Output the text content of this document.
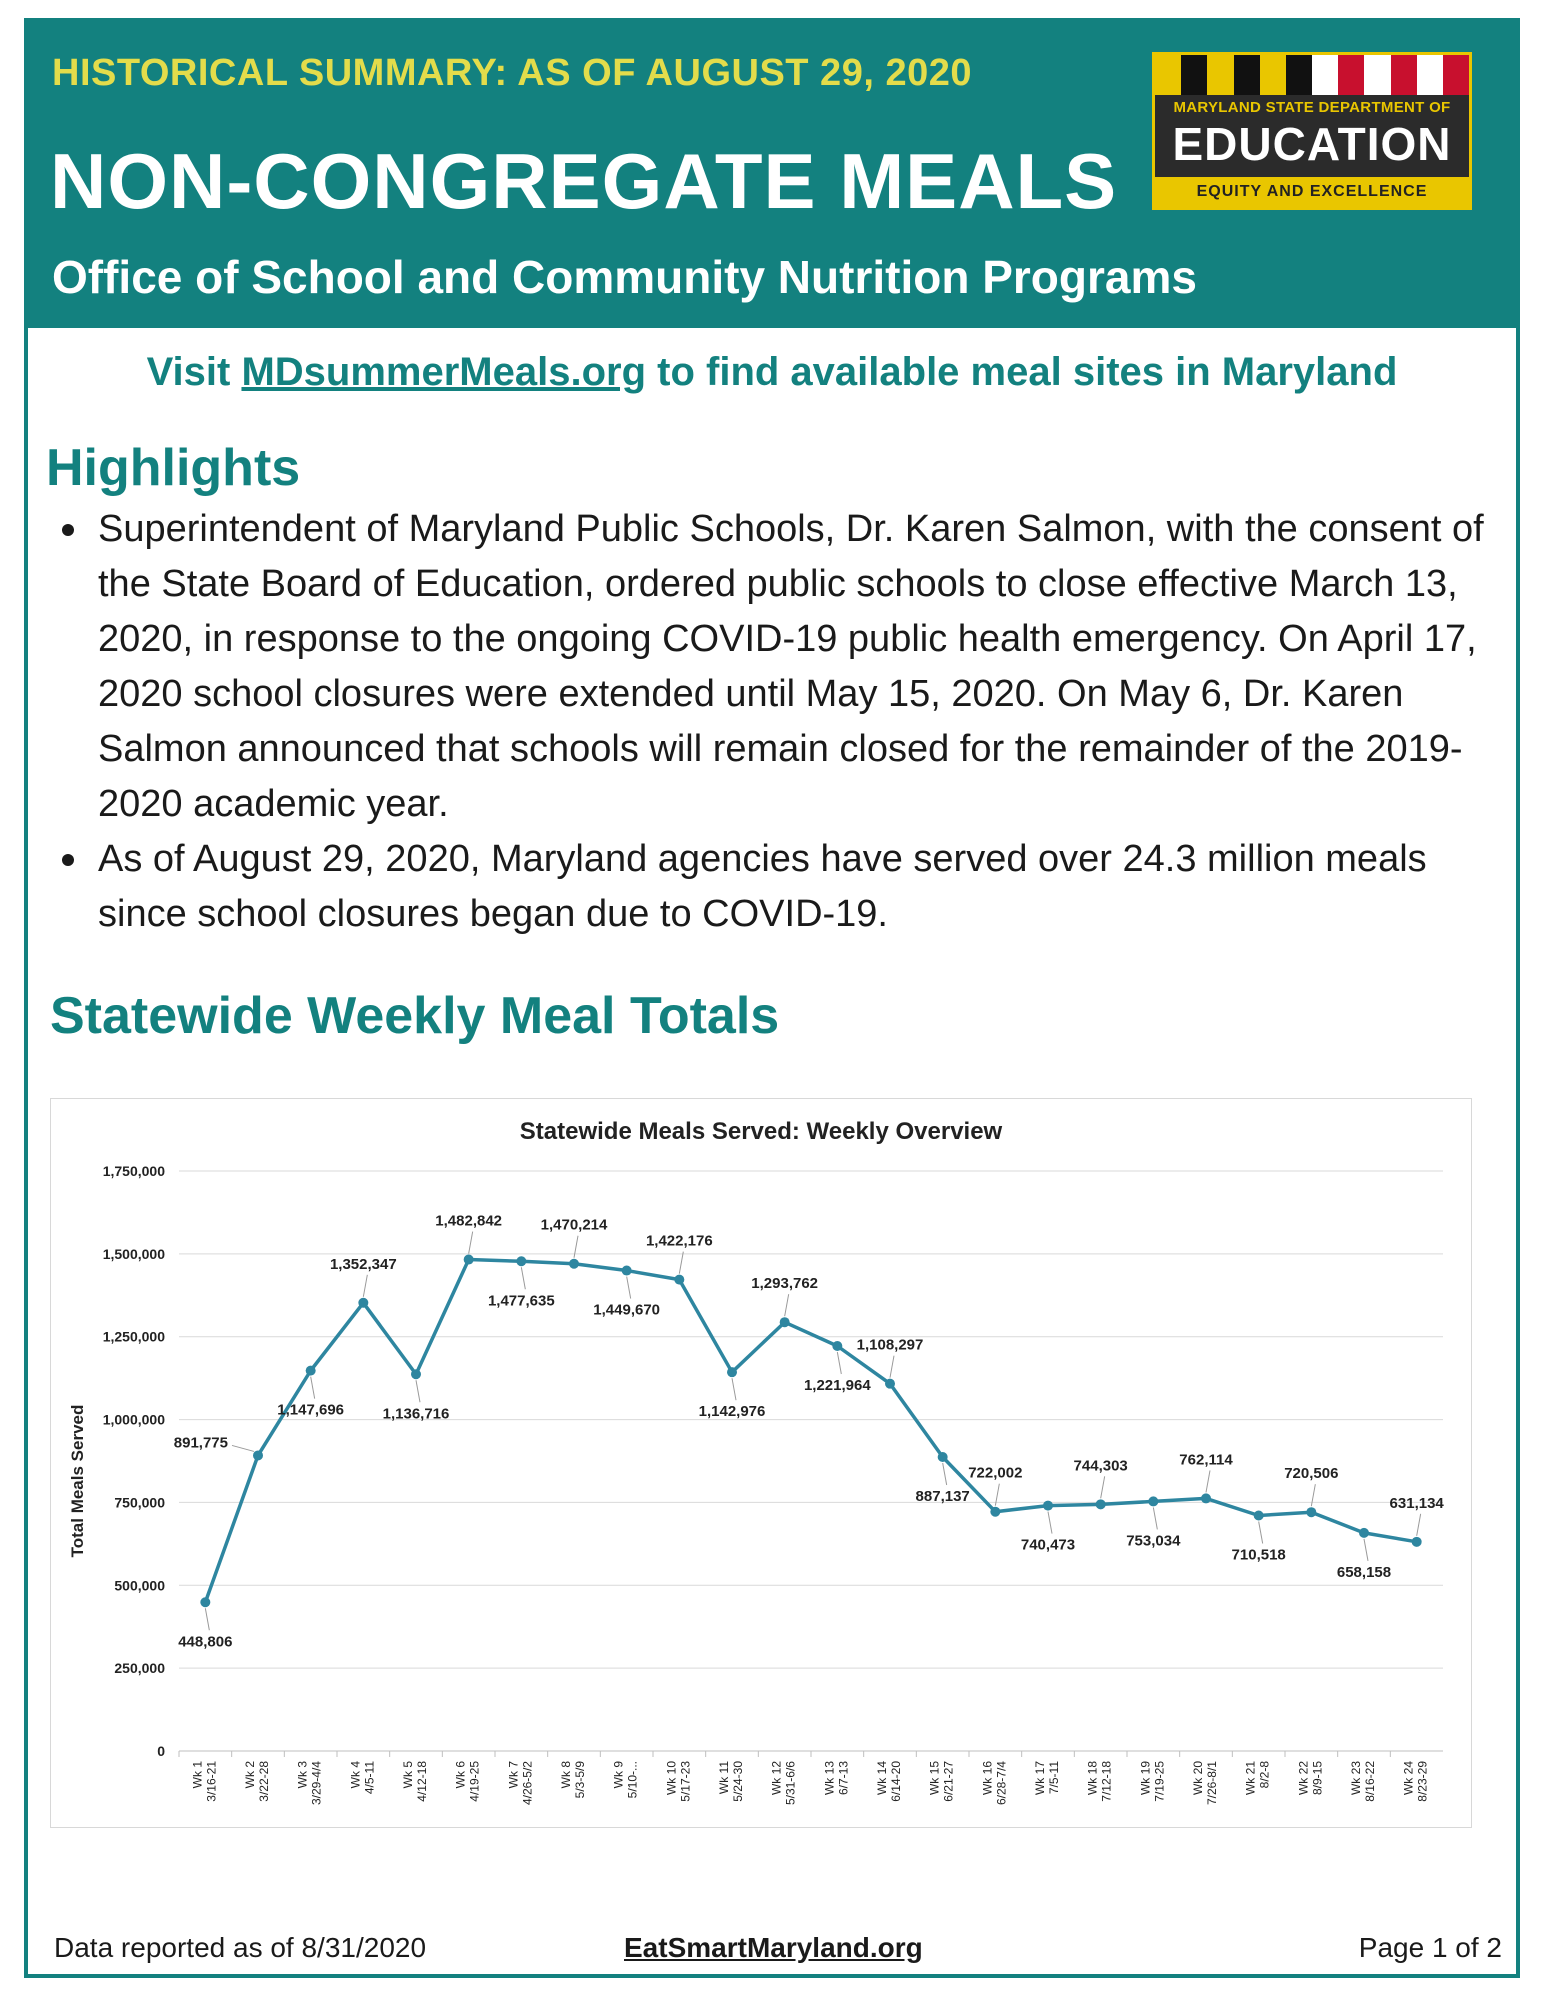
HISTORICAL SUMMARY: AS OF AUGUST 29, 2020
NON-CONGREGATE MEALS
Office of School and Community Nutrition Programs
MARYLAND STATE DEPARTMENT OF
EDUCATION
EQUITY AND EXCELLENCE
Visit MDsummerMeals.org to find available meal sites in Maryland
Highlights
Superintendent of Maryland Public Schools, Dr. Karen Salmon, with the consent of the State Board of Education, ordered public schools to close effective March 13, 2020, in response to the ongoing COVID-19 public health emergency. On April 17, 2020 school closures were extended until May 15, 2020. On May 6, Dr. Karen Salmon announced that schools will remain closed for the remainder of the 2019-2020 academic year.
As of August 29, 2020, Maryland agencies have served over 24.3 million meals since school closures began due to COVID-19.
Statewide Weekly Meal Totals
Statewide Meals Served: Weekly Overview
0
250,000
500,000
750,000
1,000,000
1,250,000
1,500,000
1,750,000
Total Meals Served
Wk 1 3/16-21 Wk 2 3/22-28 Wk 3 3/29-4/4 Wk 4 4/5-11 Wk 5 4/12-18 Wk 6 4/19-25 Wk 7 4/26-5/2 Wk 8 5/3-5/9 Wk 9 5/10-... Wk 10 5/17-23 Wk 11 5/24-30 Wk 12 5/31-6/6 Wk 13 6/7-13 Wk 14 6/14-20 Wk 15 6/21-27 Wk 16 6/28-7/4 Wk 17 7/5-11 Wk 18 7/12-18 Wk 19 7/19-25 Wk 20 7/26-8/1 Wk 21 8/2-8 Wk 22 8/9-15 Wk 23 8/16-22 Wk 24 8/23-29
448,806
891,775
1,147,696
1,352,347
1,136,716
1,482,842
1,477,635
1,470,214
1,449,670
1,422,176
1,142,976
1,293,762
1,221,964
1,108,297
887,137
722,002
740,473
744,303
753,034
762,114
710,518
720,506
658,158
631,134
Data reported as of 8/31/2020	EatSmartMaryland.org	Page 1 of 2
